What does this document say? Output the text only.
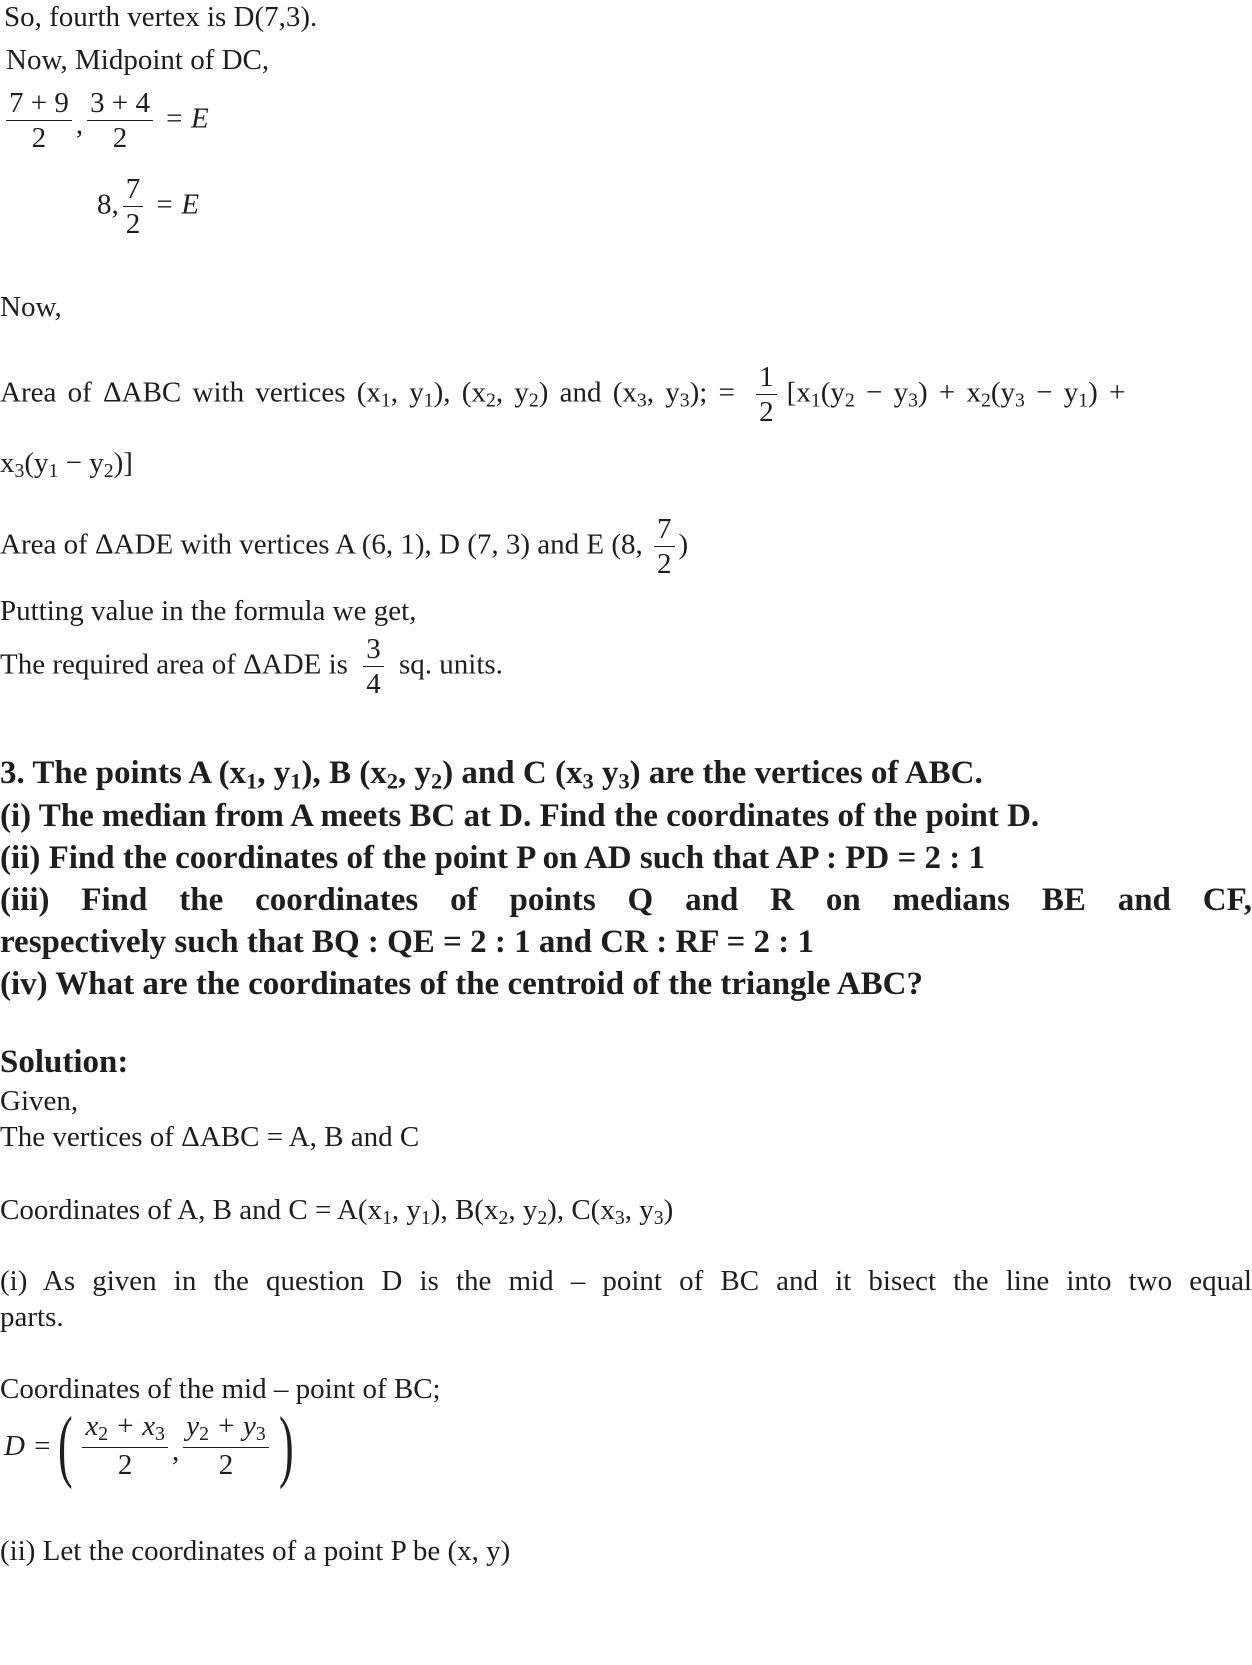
So, fourth vertex is D(7,3).
Now, Midpoint of DC,
$\frac{7 + 9}{2}$ , $\frac{3 + 4}{2} = E$
8, $\frac{7}{2} = E$
Now,
Area of ΔABC with vertices ($x_1$, $y_1$), ($x_2$, $y_2$) and ($x_3$, $y_3$); = $\frac{1}{2} [x_1(y_2 - y_3) + x_2(y_3 - y_1)$ +
$x_3(y_1 - y_2)$]
Area of ΔADE with vertices A (6, 1), D (7, 3) and E (8, $\frac{7}{2}$ )
Putting value in the formula we get,
The required area of ΔADE is $\frac{3}{4}$ sq. units.
3. The points A ($x_1$, $y_1$), B ($x_2$, $y_2$) and C ($x_3$ $y_3$) are the vertices of ABC.
(i) The median from A meets BC at D. Find the coordinates of the point D.
(ii) Find the coordinates of the point P on AD such that AP : PD = 2 : 1
(iii) Find the coordinates of points Q and R on medians BE and CF,
respectively such that BQ : QE = 2 : 1 and CR : RF = 2 : 1
(iv) What are the coordinates of the centroid of the triangle ABC?
Solution:
Given,
The vertices of ΔABC = A, B and C
Coordinates of A, B and $C = A(x_1$, $y_1$), $B(x_2$, $y_2$), $C(x_3$, $y_3$)
(i) As given in the question D is the mid – point of BC and it bisect the line into two equal
parts.
Coordinates of the mid – point of BC;
D = ( $\frac{x_2 + x_3}{2}$ , $\frac{y_2 + y_3}{2}$ )
(ii) Let the coordinates of a point P be (x, y)
